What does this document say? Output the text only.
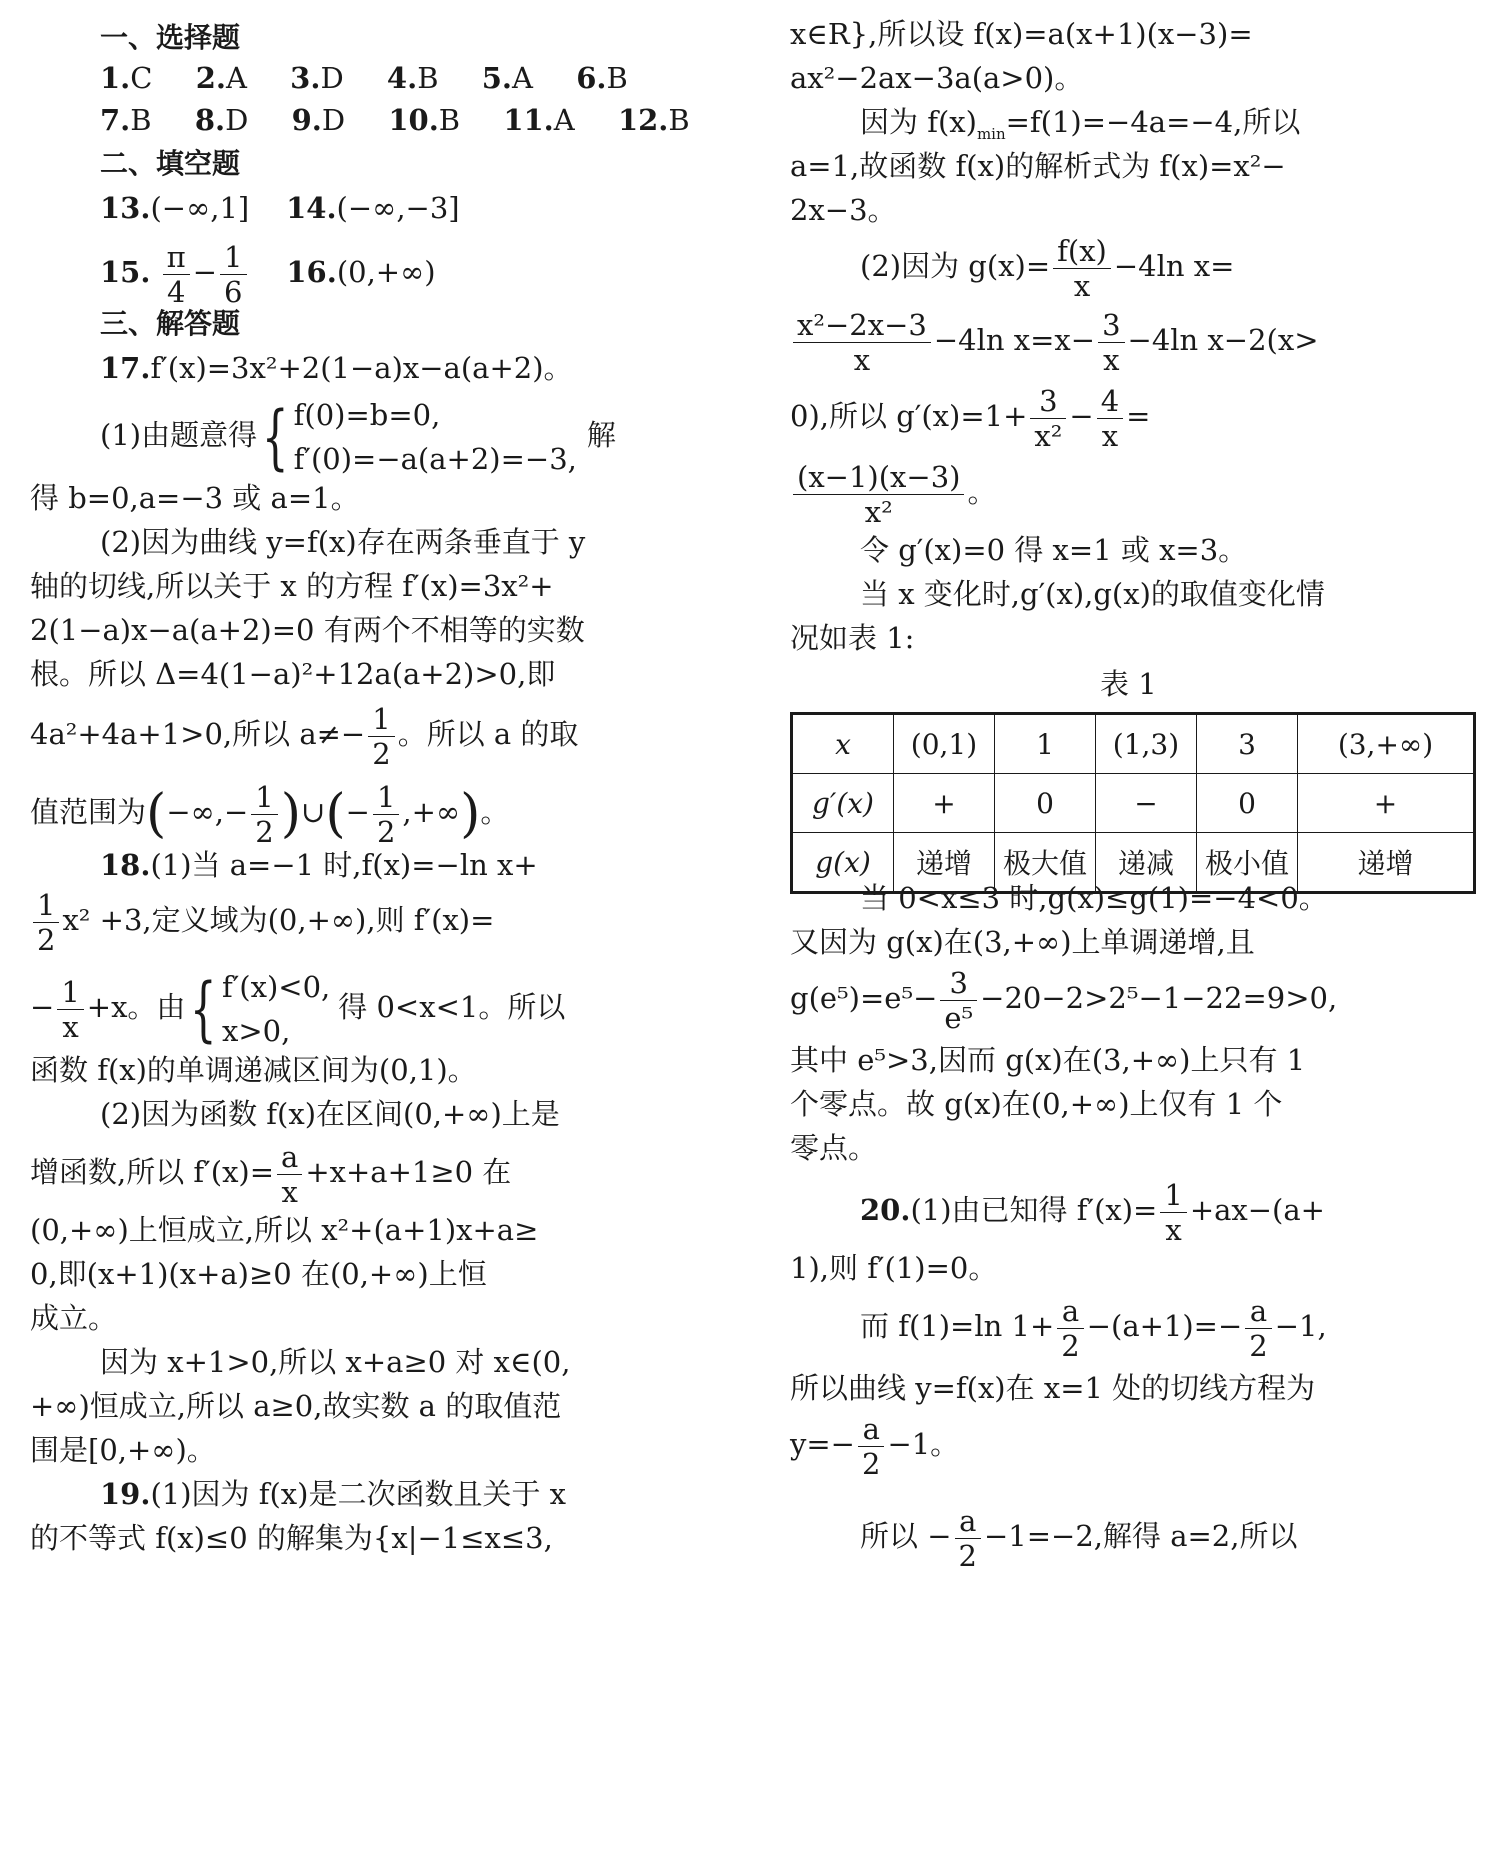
一、选择题
1.C 2.A 3.D 4.B 5.A 6.B
7.B 8.D 9.D 10.B 11.A 12.B
二、填空题
13.(−∞,1] 14.(−∞,−3]
15. $\frac{\pi}{4} - \frac{1}{6} 16.(0,+\infty)$
三、解答题
17.f′(x)=3x²+2(1−a)x−a(a+2)。
(1)由题意得{ f(0)=b=0,
f′(0)=−a(a+2)=−3,
解
得 b=0,a=−3 或 a=1。
(2)因为曲线 y=f(x)存在两条垂直于 y
轴的切线,所以关于 x 的方程 f′(x)=3x²+
2(1−a)x−a(a+2)=0 有两个不相等的实数
根。所以 Δ=4(1−a)²+12a(a+2)>0,即
4a²+4a+1>0,所以 $a\ne- \frac{1}{2}$ 。所以 a 的取
值范围为(−∞,− $\frac{1}{2}$ )∪(− $\frac{1}{2}$ ,+∞)。
18.(1)当 a=−1 时,f(x)=−ln x+
$\frac{1}{2} x^2 +3$,定义域为(0,+∞),则 f′(x)=
− $\frac{1}{x} +x$。由{ f′(x)<0,
x>0,
得 0<x<1。所以
函数 f(x)的单调递减区间为(0,1)。
(2)因为函数 f(x)在区间(0,+∞)上是
增函数,所以 $f'(x)= \frac{a}{x} +x+a+1\ge 0$ 在
(0,+∞)上恒成立,所以 x²+(a+1)x+a≥
0,即(x+1)(x+a)≥0 在(0,+∞)上恒
成立。
因为 x+1>0,所以 x+a≥0 对 x∈(0,
+∞)恒成立,所以 a≥0,故实数 a 的取值范
围是[0,+∞)。
19.(1)因为 f(x)是二次函数且关于 x
的不等式 f(x)≤0 的解集为{x|−1≤x≤3,
x∈R},所以设 f(x)=a(x+1)(x−3)=
ax²−2ax−3a(a>0)。
因为 $f(x)_{min}=f(1)=-4a=-4$,所以
a=1,故函数 f(x)的解析式为 f(x)=x²−
2x−3。
(2)因为 $g(x)= \frac{f(x)}{x} -4\ln$ x=
$\frac{\text{x²−2x−3}}{x} -4\ln$ $x=x- \frac{3}{x} -4\ln$ x−2(x>
0),所以 $g'(x)=1+ \frac{3}{\text{x²}} - \frac{4}{x}$ =
$\frac{(x-1)(x-3)}{\text{x²}}$ 。
令 g′(x)=0 得 x=1 或 x=3。
当 x 变化时,g′(x),g(x)的取值变化情
况如表 1:
表 1
x	(0,1)	1	(1,3)	3	(3,+∞)
g′(x)	+	0	−	0	+
g(x)	递增	极大值	递减	极小值	递增
当 0<x≤3 时,g(x)≤g(1)=−4<0。
又因为 g(x)在(3,+∞)上单调递增,且
$g(e^5)=e^5- \frac{3}{\text{e⁵}} -20-2>2^5-1-22=9>0$,
其中 e⁵>3,因而 g(x)在(3,+∞)上只有 1
个零点。故 g(x)在(0,+∞)上仅有 1 个
零点。
20.(1)由已知得 $f'(x)= \frac{1}{x} +ax-(a+$
1),则 f′(1)=0。
而 f(1)=ln $1+ \frac{a}{2} -(a+1)=- \frac{a}{2} -1$,
所以曲线 y=f(x)在 x=1 处的切线方程为
$y=- \frac{a}{2} -1$。
所以 − $\frac{a}{2} -1=-2$,解得 a=2,所以
